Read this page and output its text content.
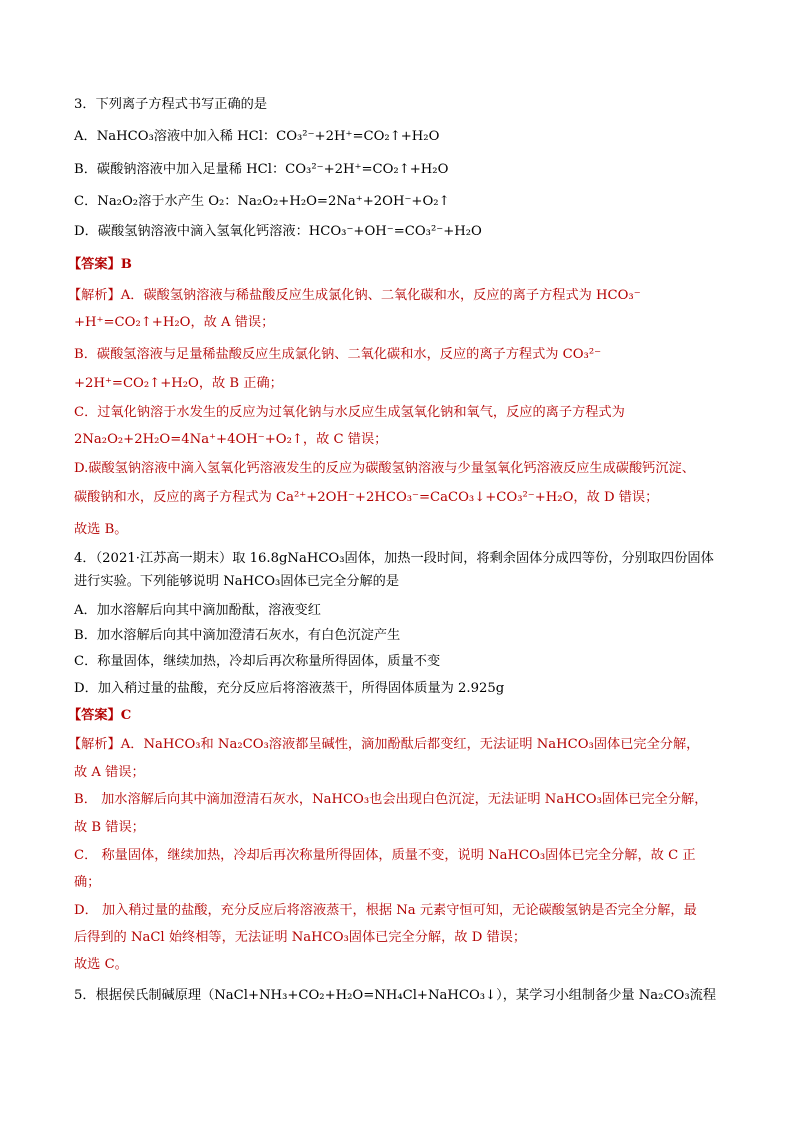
3．下列离子方程式书写正确的是
A．NaHCO₃溶液中加入稀 HCl：CO₃²⁻+2H⁺=CO₂↑+H₂O
B．碳酸钠溶液中加入足量稀 HCl：CO₃²⁻+2H⁺=CO₂↑+H₂O
C．Na₂O₂溶于水产生 O₂：Na₂O₂+H₂O=2Na⁺+2OH⁻+O₂↑
D．碳酸氢钠溶液中滴入氢氧化钙溶液：HCO₃⁻+OH⁻=CO₃²⁻+H₂O
【答案】B
【解析】A．碳酸氢钠溶液与稀盐酸反应生成氯化钠、二氧化碳和水，反应的离子方程式为 HCO₃⁻
+H⁺=CO₂↑+H₂O，故 A 错误；
B．碳酸氢溶液与足量稀盐酸反应生成氯化钠、二氧化碳和水，反应的离子方程式为 CO₃²⁻
+2H⁺=CO₂↑+H₂O，故 B 正确；
C．过氧化钠溶于水发生的反应为过氧化钠与水反应生成氢氧化钠和氧气，反应的离子方程式为
2Na₂O₂+2H₂O=4Na⁺+4OH⁻+O₂↑，故 C 错误；
D.碳酸氢钠溶液中滴入氢氧化钙溶液发生的反应为碳酸氢钠溶液与少量氢氧化钙溶液反应生成碳酸钙沉淀、
碳酸钠和水，反应的离子方程式为 Ca²⁺+2OH⁻+2HCO₃⁻=CaCO₃↓+CO₃²⁻+H₂O，故 D 错误；
故选 B。
4．（2021·江苏高一期末）取 16.8gNaHCO₃固体，加热一段时间，将剩余固体分成四等份，分别取四份固体
进行实验。下列能够说明 NaHCO₃固体已完全分解的是
A．加水溶解后向其中滴加酚酞，溶液变红
B．加水溶解后向其中滴加澄清石灰水，有白色沉淀产生
C．称量固体，继续加热，冷却后再次称量所得固体，质量不变
D．加入稍过量的盐酸，充分反应后将溶液蒸干，所得固体质量为 2.925g
【答案】C
【解析】A．NaHCO₃和 Na₂CO₃溶液都呈碱性，滴加酚酞后都变红，无法证明 NaHCO₃固体已完全分解，
故 A 错误；
B． 加水溶解后向其中滴加澄清石灰水，NaHCO₃也会出现白色沉淀，无法证明 NaHCO₃固体已完全分解，
故 B 错误；
C． 称量固体，继续加热，冷却后再次称量所得固体，质量不变，说明 NaHCO₃固体已完全分解，故 C 正
确；
D． 加入稍过量的盐酸，充分反应后将溶液蒸干，根据 Na 元素守恒可知，无论碳酸氢钠是否完全分解，最
后得到的 NaCl 始终相等，无法证明 NaHCO₃固体已完全分解，故 D 错误；
故选 C。
5．根据侯氏制碱原理（NaCl+NH₃+CO₂+H₂O=NH₄Cl+NaHCO₃↓），某学习小组制备少量 Na₂CO₃流程
